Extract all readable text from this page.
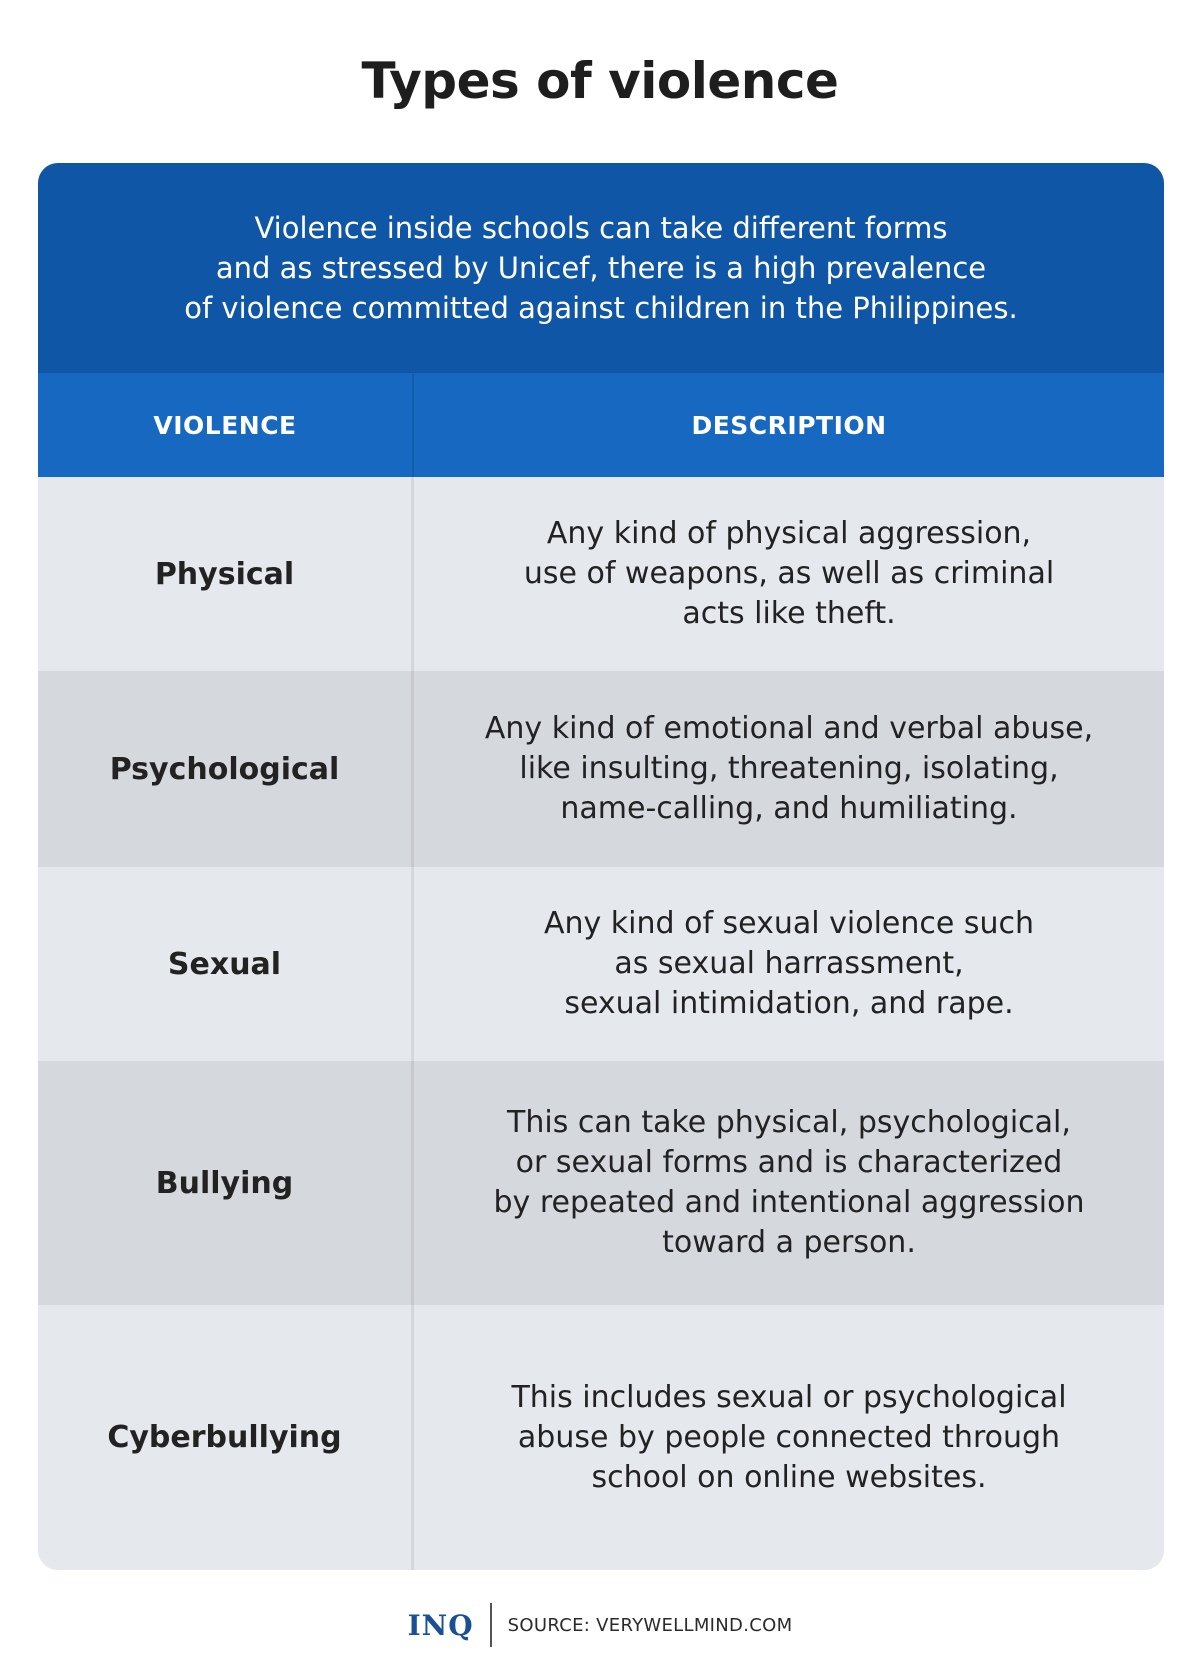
Types of violence
Violence inside schools can take different forms
and as stressed by Unicef, there is a high prevalence
of violence committed against children in the Philippines.
VIOLENCE	DESCRIPTION
Physical
Any kind of physical aggression,
use of weapons, as well as criminal
acts like theft.
Psychological
Any kind of emotional and verbal abuse,
like insulting, threatening, isolating,
name-calling, and humiliating.
Sexual
Any kind of sexual violence such
as sexual harrassment,
sexual intimidation, and rape.
Bullying
This can take physical, psychological,
or sexual forms and is characterized
by repeated and intentional aggression
toward a person.
Cyberbullying
This includes sexual or psychological
abuse by people connected through
school on online websites.
INQ	SOURCE: VERYWELLMIND.COM
